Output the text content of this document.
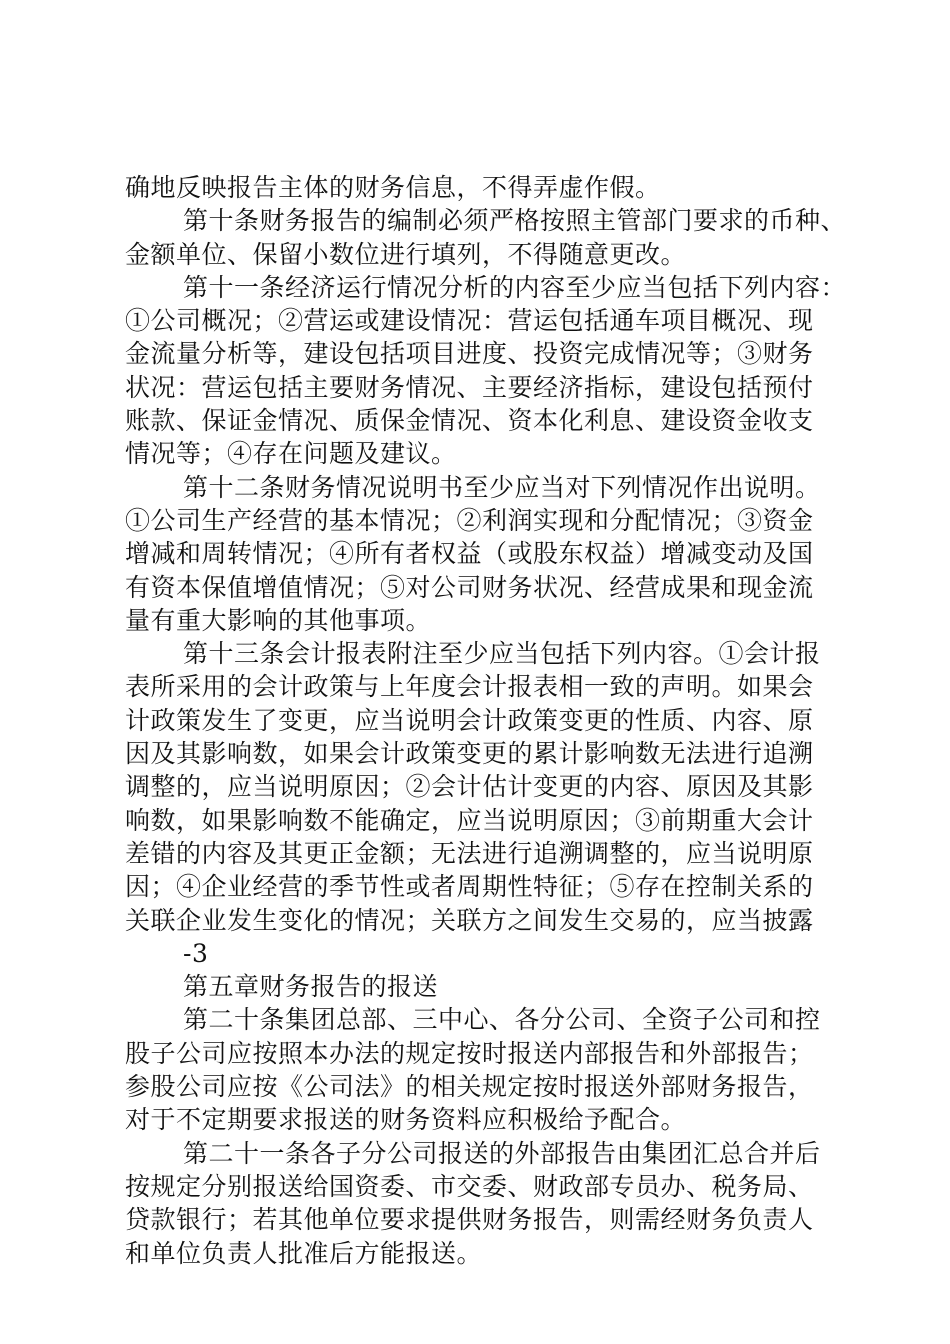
确地反映报告主体的财务信息，不得弄虚作假。
第十条财务报告的编制必须严格按照主管部门要求的币种、
金额单位、保留小数位进行填列，不得随意更改。
第十一条经济运行情况分析的内容至少应当包括下列内容：
①公司概况；②营运或建设情况：营运包括通车项目概况、现
金流量分析等，建设包括项目进度、投资完成情况等；③财务
状况：营运包括主要财务情况、主要经济指标，建设包括预付
账款、保证金情况、质保金情况、资本化利息、建设资金收支
情况等；④存在问题及建议。
第十二条财务情况说明书至少应当对下列情况作出说明。
①公司生产经营的基本情况；②利润实现和分配情况；③资金
增减和周转情况；④所有者权益（或股东权益）增减变动及国
有资本保值增值情况；⑤对公司财务状况、经营成果和现金流
量有重大影响的其他事项。
第十三条会计报表附注至少应当包括下列内容。①会计报
表所采用的会计政策与上年度会计报表相一致的声明。如果会
计政策发生了变更，应当说明会计政策变更的性质、内容、原
因及其影响数，如果会计政策变更的累计影响数无法进行追溯
调整的，应当说明原因；②会计估计变更的内容、原因及其影
响数，如果影响数不能确定，应当说明原因；③前期重大会计
差错的内容及其更正金额；无法进行追溯调整的，应当说明原
因；④企业经营的季节性或者周期性特征；⑤存在控制关系的
关联企业发生变化的情况；关联方之间发生交易的，应当披露
-3
第五章财务报告的报送
第二十条集团总部、三中心、各分公司、全资子公司和控
股子公司应按照本办法的规定按时报送内部报告和外部报告；
参股公司应按《公司法》的相关规定按时报送外部财务报告，
对于不定期要求报送的财务资料应积极给予配合。
第二十一条各子分公司报送的外部报告由集团汇总合并后
按规定分别报送给国资委、市交委、财政部专员办、税务局、
贷款银行；若其他单位要求提供财务报告，则需经财务负责人
和单位负责人批准后方能报送。
